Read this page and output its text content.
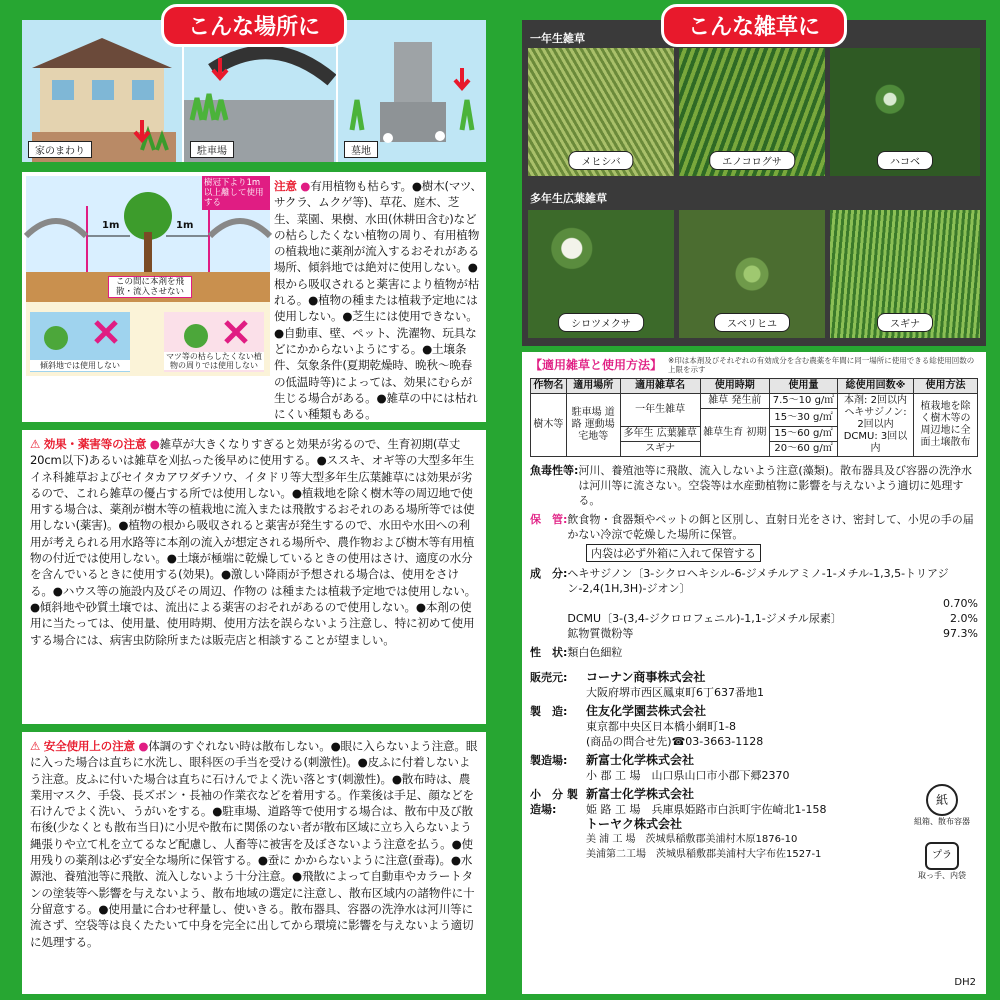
こんな場所に
家のまわり	駐車場	墓地
樹冠下より1m以上離して使用する
1m	1m
この間に本剤を飛散・流入させない
傾斜地では使用しない
マツ等の枯らしたくない植物の周りでは使用しない
注意 ●有用植物も枯らす。●樹木(マツ、サクラ、ムクゲ等)、草花、庭木、芝生、菜園、果樹、水田(休耕田含む)などの枯らしたくない植物の周り、有用植物の植栽地に薬剤が流入するおそれがある場所、傾斜地では絶対に使用しない。●根から吸収されると薬害により植物が枯れる。●植物の種または植栽予定地には使用しない。●芝生には使用できない。●自動車、壁、ペット、洗濯物、玩具などにかからないようにする。●土壌条件、気象条件(夏期乾燥時、晩秋〜晩春の低温時等)によっては、効果にむらが生じる場合がある。●雑草の中には枯れにくい種類もある。
⚠ 効果・薬害等の注意 ●雑草が大きくなりすぎると効果が劣るので、生育初期(草丈20cm以下)あるいは雑草を刈払った後早めに使用する。●ススキ、オギ等の大型多年生イネ科雑草およびセイタカアワダチソウ、イタドリ等大型多年生広葉雑草には効果が劣るので、これら雑草の優占する所では使用しない。●植栽地を除く樹木等の周辺地で使用する場合は、薬剤が樹木等の植栽地に流入または飛散するおそれのある場所等では使用しない(薬害)。●植物の根から吸収されると薬害が発生するので、水田や水田への利用が考えられる用水路等に本剤の流入が想定される場所や、農作物および樹木等有用植物の付近では使用しない。●土壌が極端に乾燥しているときの使用はさけ、適度の水分を含んでいるときに使用する(効果)。●激しい降雨が予想される場合は、使用をさける。●ハウス等の施設内及びその周辺、作物の は種または植栽予定地では使用しない。●傾斜地や砂質土壌では、流出による薬害のおそれがあるので使用しない。●本剤の使用に当たっては、使用量、使用時期、使用方法を誤らないよう注意し、特に初めて使用する場合には、病害虫防除所または販売店と相談することが望ましい。
⚠ 安全使用上の注意 ●体調のすぐれない時は散布しない。●眼に入らないよう注意。眼に入った場合は直ちに水洗し、眼科医の手当を受ける(刺激性)。●皮ふに付着しないよう注意。皮ふに付いた場合は直ちに石けんでよく洗い落とす(刺激性)。●散布時は、農業用マスク、手袋、長ズボン・長袖の作業衣などを着用する。作業後は手足、顔などを石けんでよく洗い、うがいをする。●駐車場、道路等で使用する場合は、散布中及び散布後(少なくとも散布当日)に小児や散布に関係のない者が散布区域に立ち入らないよう縄張りや立て札を立てるなど配慮し、人畜等に被害を及ぼさないよう注意を払う。●使用残りの薬剤は必ず安全な場所に保管する。●蚕に かからないように注意(蚕毒)。●水源池、養殖池等に飛散、流入しないよう十分注意。●飛散によって自動車やカラートタンの塗装等へ影響を与えないよう、散布地域の選定に注意し、散布区域内の諸物件に十分留意する。●使用量に合わせ秤量し、使いきる。散布器具、容器の洗浄水は河川等に流さず、空袋等は良くたたいて中身を完全に出してから環境に影響を与えないよう適切に処理する。
こんな雑草に
一年生雑草
メヒシバ	エノコログサ	ハコベ
多年生広葉雑草
シロツメクサ	スベリヒユ	スギナ
【適用雑草と使用方法】 ※印は本剤及びそれぞれの有効成分を含む農薬を年間に同一場所に使用できる総使用回数の上限を示す
作物名	適用場所	適用雑草名	使用時期	使用量	総使用回数※	使用方法
樹木等	駐車場 道路 運動場 宅地等	一年生雑草	雑草 発生前	7.5〜10 g/㎡	本剤: 2回以内 ヘキサジノン: 2回以内 DCMU: 3回以内	植栽地を除く樹木等の周辺地に全面土壌散布
			雑草生育 初期	15〜30 g/㎡		
		多年生 広葉雑草		15〜60 g/㎡		
		スギナ		20〜60 g/㎡		
魚毒性等: 河川、養殖池等に飛散、流入しないよう注意(藻類)。散布器具及び容器の洗浄水は河川等に流さない。空袋等は水産動植物に影響を与えないよう適切に処理する。
保　管: 飲食物・食器類やペットの餌と区別し、直射日光をさけ、密封して、小児の手の届かない冷涼で乾燥した場所に保管。
内袋は必ず外箱に入れて保管する
成　分: ヘキサジノン〔3-シクロヘキシル-6-ジメチルアミノ-1-メチル-1,3,5-トリアジン-2,4(1H,3H)-ジオン〕
0.70%
DCMU〔3-(3,4-ジクロロフェニル)-1,1-ジメチル尿素〕	2.0%
鉱物質微粉等	97.3%
性　状: 類白色細粒
販売元:	コーナン商事株式会社
大阪府堺市西区鳳東町6丁637番地1
製　造:	住友化学園芸株式会社
東京都中央区日本橋小網町1-8
(商品の問合せ先)☎03-3663-1128
製造場:	新富士化学株式会社
小 郡 工 場　山口県山口市小郡下郷2370
小　分 製造場:
新富士化学株式会社
姫 路 工 場　兵庫県姫路市白浜町宇佐崎北1-158
トーヤク株式会社
美 浦 工 場　茨城県稲敷郡美浦村木原1876-10
美浦第二工場　茨城県稲敷郡美浦村大字布佐1527-1
紙
組箱、散布容器
プラ
取っ手、内袋
DH2
